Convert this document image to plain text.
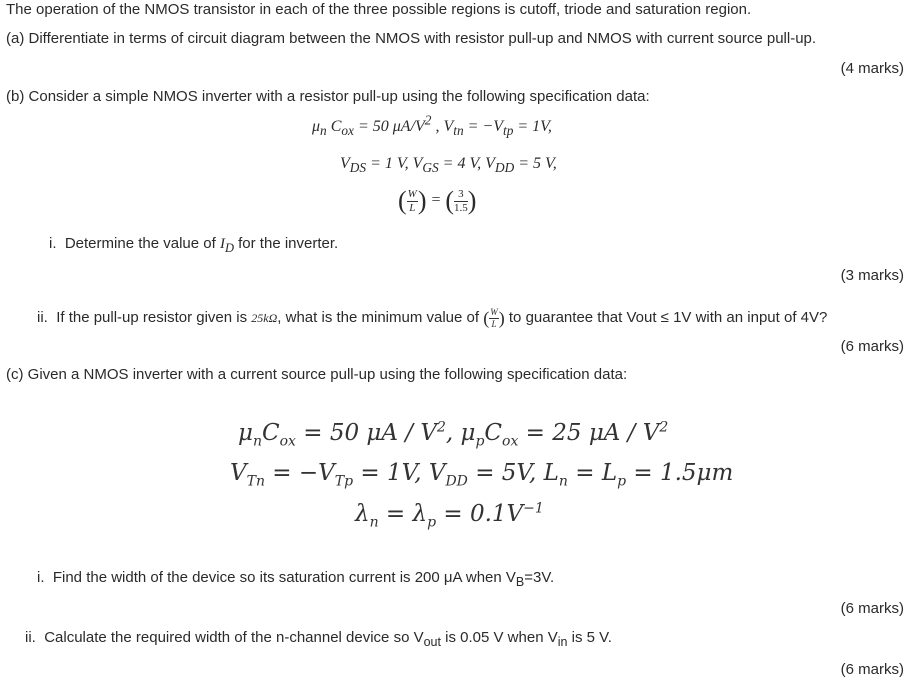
The operation of the NMOS transistor in each of the three possible regions is cutoff, triode and saturation region.
(a) Differentiate in terms of circuit diagram between the NMOS with resistor pull-up and NMOS with current source pull-up.
(4 marks)
(b) Consider a simple NMOS inverter with a resistor pull-up using the following specification data:
$\mu_n$ $C_{ox} = 50$ $\mu A/V^2$ , $V_{tn} = -V_{tp} = 1V$,
$V_{DS} = 1$ V, $V_{GS} = 4$ V, $V_{DD} = 5$ V,
( $\frac{W}{L}$ ) = ( $\frac{3}{1.5}$ )
i. Determine the value of $I_D$ for the inverter.
(3 marks)
ii. If the pull-up resistor given is 25kΩ, what is the minimum value of ( $\frac{W}{L}$ ) to guarantee that Vout ≤ 1V with an input of 4V?
(6 marks)
(c) Given a NMOS inverter with a current source pull-up using the following specification data:
$\mu_nC_{ox} = 50$ μA / $V^2$, $\mu_pC_{ox} = 25$ μA / $V^2$
$V_{Tn} = -V_{Tp} = 1V$, $V_{DD} = 5V$, $L_n = L_p = 1.5\mu m$
$\lambda_n = \lambda_p = 0.1V^{-1}$
i. Find the width of the device so its saturation current is 200 μA when $V_B=3V$.
(6 marks)
ii. Calculate the required width of the n-channel device so $V_{out}$ is 0.05 V when $V_{in}$ is 5 V.
(6 marks)
